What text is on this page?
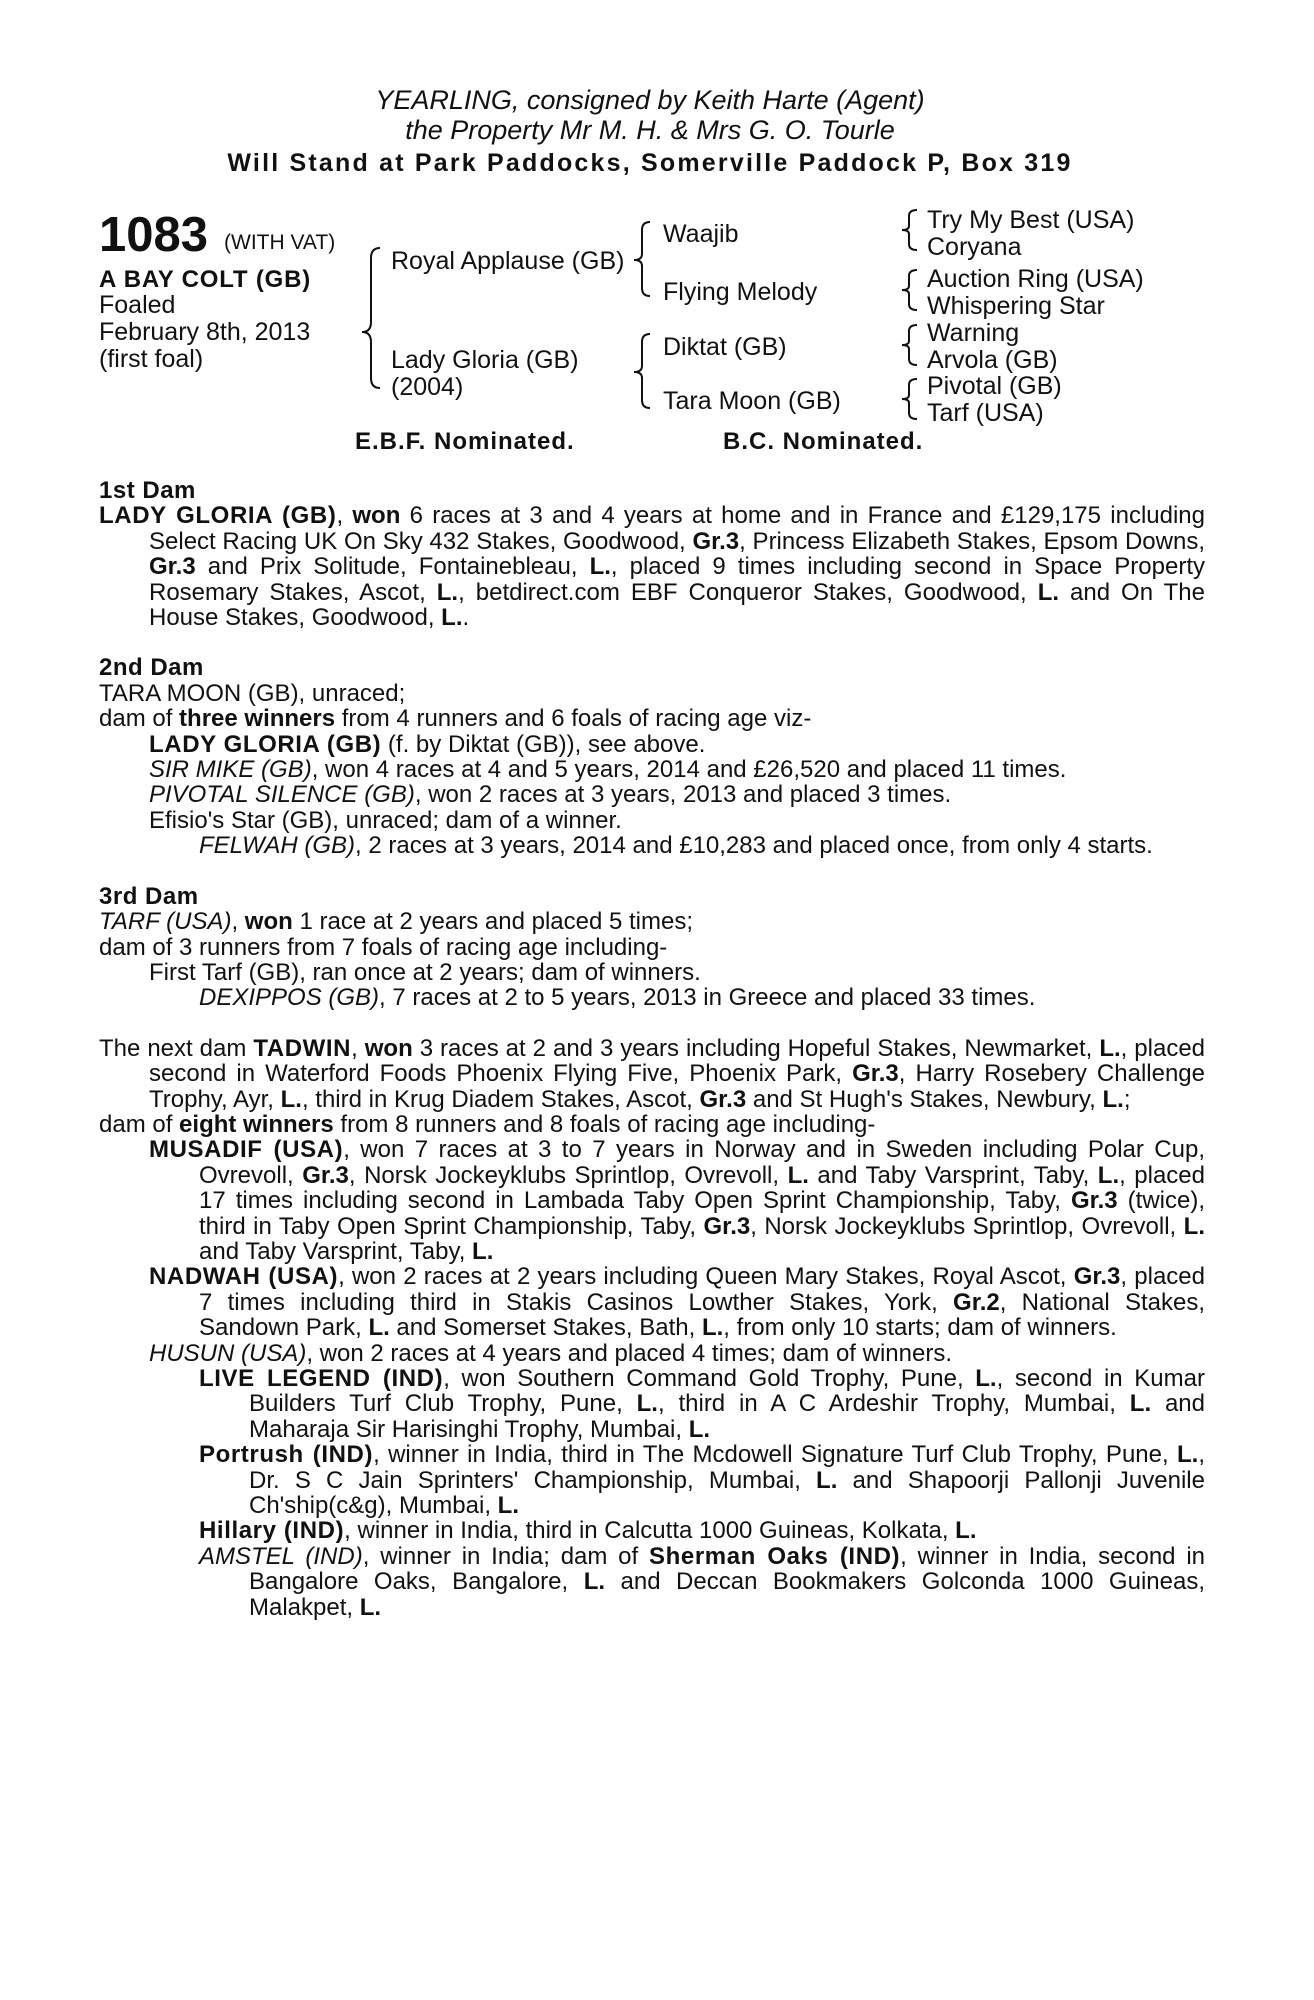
YEARLING, consigned by Keith Harte (Agent)
the Property Mr M. H. & Mrs G. O. Tourle
Will Stand at Park Paddocks, Somerville Paddock P, Box 319
1083 (WITH VAT)
A BAY COLT (GB)
Foaled
February 8th, 2013
(first foal)
Royal Applause (GB)
Lady Gloria (GB)
(2004)
Waajib
Flying Melody
Diktat (GB)
Tara Moon (GB)
Try My Best (USA)
Coryana
Auction Ring (USA)
Whispering Star
Warning
Arvola (GB)
Pivotal (GB)
Tarf (USA)
E.B.F. Nominated.	B.C. Nominated.
1st Dam

LADY GLORIA (GB), won 6 races at 3 and 4 years at home and in France and £129,175 including Select Racing UK On Sky 432 Stakes, Goodwood, Gr.3, Princess Elizabeth Stakes, Epsom Downs, Gr.3 and Prix Solitude, Fontainebleau, L., placed 9 times including second in Space Property Rosemary Stakes, Ascot, L., betdirect.com EBF Conqueror Stakes, Goodwood, L. and On The House Stakes, Goodwood, L..

2nd Dam

TARA MOON (GB), unraced;

dam of three winners from 4 runners and 6 foals of racing age viz-

LADY GLORIA (GB) (f. by Diktat (GB)), see above.

SIR MIKE (GB), won 4 races at 4 and 5 years, 2014 and £26,520 and placed 11 times.

PIVOTAL SILENCE (GB), won 2 races at 3 years, 2013 and placed 3 times.

Efisio's Star (GB), unraced; dam of a winner.

FELWAH (GB), 2 races at 3 years, 2014 and £10,283 and placed once, from only 4 starts.

3rd Dam

TARF (USA), won 1 race at 2 years and placed 5 times;

dam of 3 runners from 7 foals of racing age including-

First Tarf (GB), ran once at 2 years; dam of winners.

DEXIPPOS (GB), 7 races at 2 to 5 years, 2013 in Greece and placed 33 times.

The next dam TADWIN, won 3 races at 2 and 3 years including Hopeful Stakes, Newmarket, L., placed second in Waterford Foods Phoenix Flying Five, Phoenix Park, Gr.3, Harry Rosebery Challenge Trophy, Ayr, L., third in Krug Diadem Stakes, Ascot, Gr.3 and St Hugh's Stakes, Newbury, L.;

dam of eight winners from 8 runners and 8 foals of racing age including-

MUSADIF (USA), won 7 races at 3 to 7 years in Norway and in Sweden including Polar Cup, Ovrevoll, Gr.3, Norsk Jockeyklubs Sprintlop, Ovrevoll, L. and Taby Varsprint, Taby, L., placed 17 times including second in Lambada Taby Open Sprint Championship, Taby, Gr.3 (twice), third in Taby Open Sprint Championship, Taby, Gr.3, Norsk Jockeyklubs Sprintlop, Ovrevoll, L. and Taby Varsprint, Taby, L.

NADWAH (USA), won 2 races at 2 years including Queen Mary Stakes, Royal Ascot, Gr.3, placed 7 times including third in Stakis Casinos Lowther Stakes, York, Gr.2, National Stakes, Sandown Park, L. and Somerset Stakes, Bath, L., from only 10 starts; dam of winners.

HUSUN (USA), won 2 races at 4 years and placed 4 times; dam of winners.

LIVE LEGEND (IND), won Southern Command Gold Trophy, Pune, L., second in Kumar Builders Turf Club Trophy, Pune, L., third in A C Ardeshir Trophy, Mumbai, L. and Maharaja Sir Harisinghi Trophy, Mumbai, L.

Portrush (IND), winner in India, third in The Mcdowell Signature Turf Club Trophy, Pune, L., Dr. S C Jain Sprinters' Championship, Mumbai, L. and Shapoorji Pallonji Juvenile Ch'ship(c&g), Mumbai, L.

Hillary (IND), winner in India, third in Calcutta 1000 Guineas, Kolkata, L.

AMSTEL (IND), winner in India; dam of Sherman Oaks (IND), winner in India, second in Bangalore Oaks, Bangalore, L. and Deccan Bookmakers Golconda 1000 Guineas, Malakpet, L.
